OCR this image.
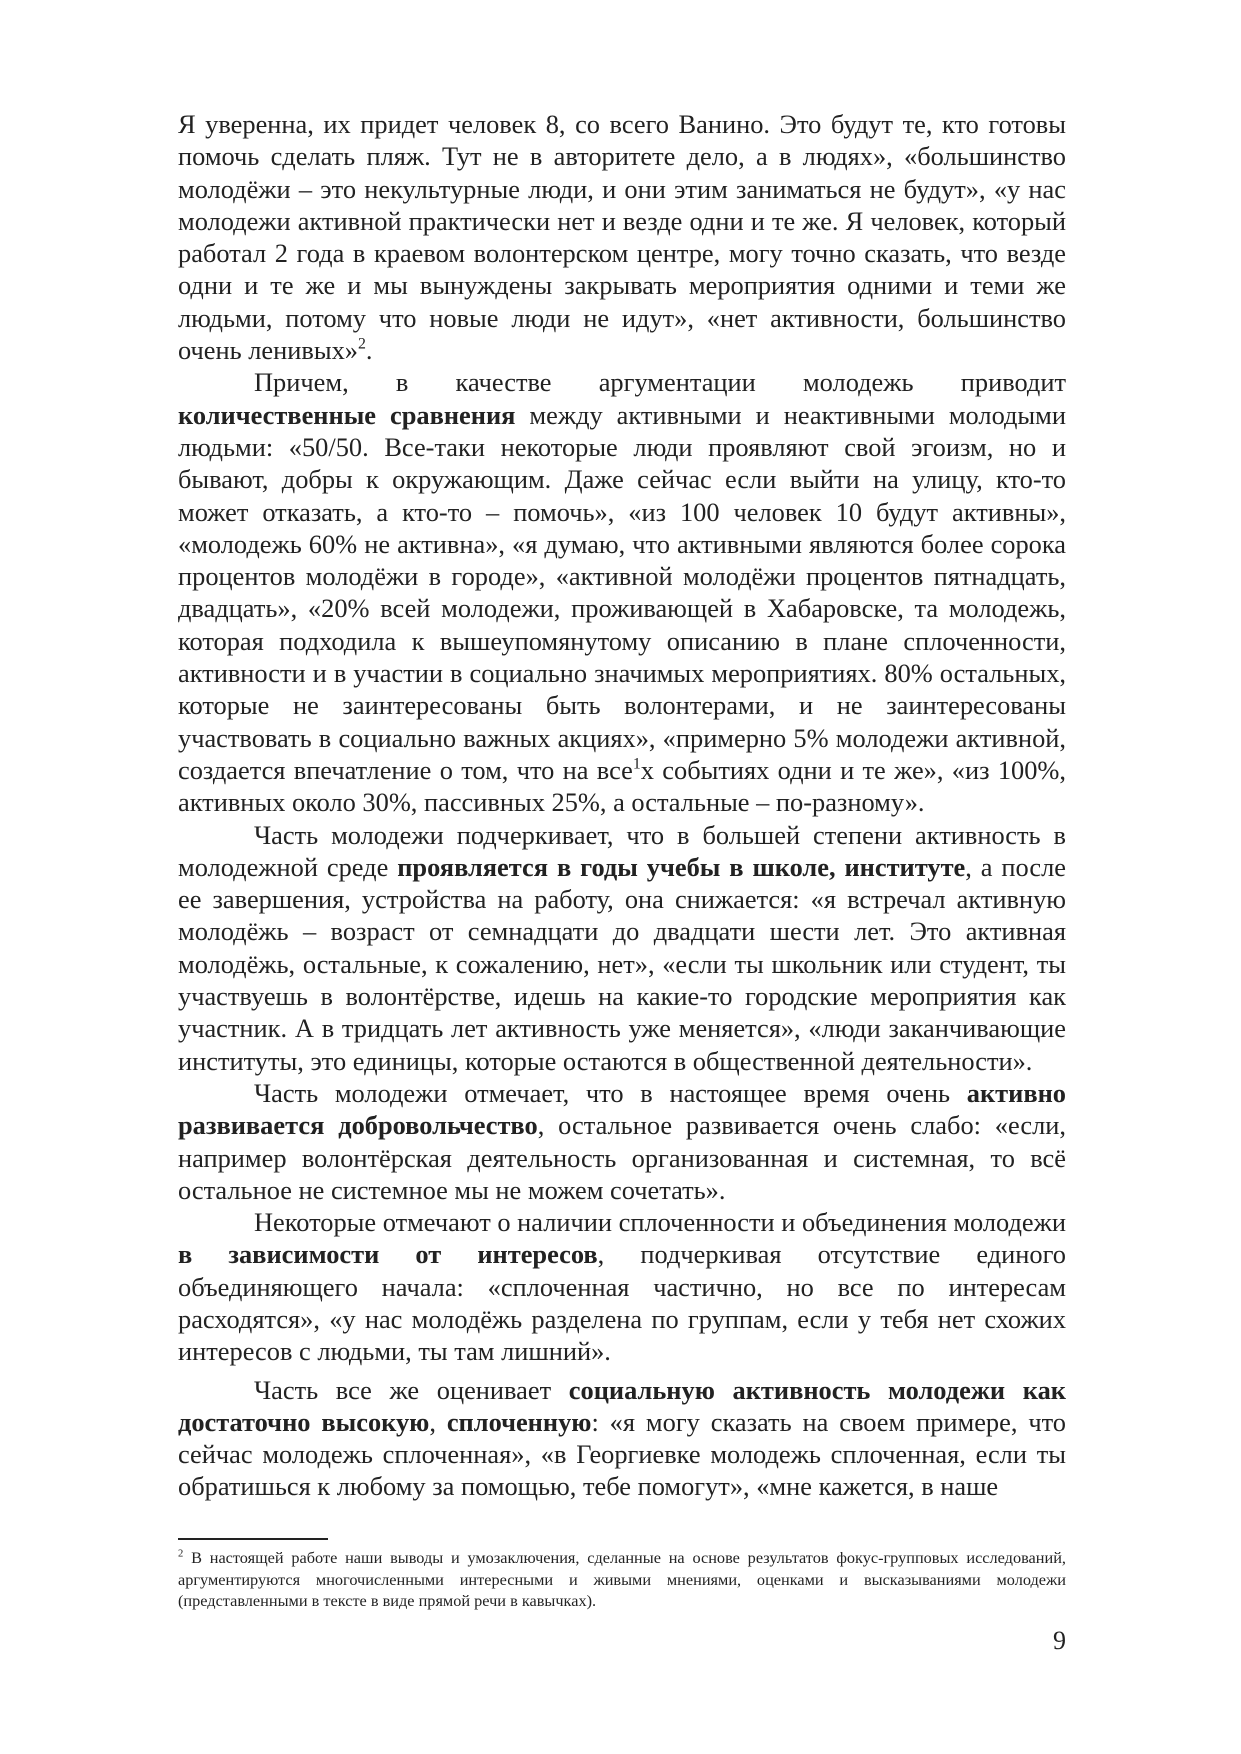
Я уверенна, их придет человек 8, со всего Ванино. Это будут те, кто готовы помочь сделать пляж. Тут не в авторитете дело, а в людях», «большинство молодёжи – это некультурные люди, и они этим заниматься не будут», «у нас молодежи активной практически нет и везде одни и те же. Я человек, который работал 2 года в краевом волонтерском центре, могу точно сказать, что везде одни и те же и мы вынуждены закрывать мероприятия одними и теми же людьми, потому что новые люди не идут», «нет активности, большинство очень ленивых»$^2$.

Причем, в качестве аргументации молодежь приводит количественные сравнения между активными и неактивными молодыми людьми: «50/50. Все-таки некоторые люди проявляют свой эгоизм, но и бывают, добры к окружающим. Даже сейчас если выйти на улицу, кто-то может отказать, а кто-то – помочь», «из 100 человек 10 будут активны», «молодежь 60% не активна», «я думаю, что активными являются более сорока процентов молодёжи в городе», «активной молодёжи процентов пятнадцать, двадцать», «20% всей молодежи, проживающей в Хабаровске, та молодежь, которая подходила к вышеупомянутому описанию в плане сплоченности, активности и в участии в социально значимых мероприятиях. 80% остальных, которые не заинтересованы быть волонтерами, и не заинтересованы участвовать в социально важных акциях», «примерно 5% молодежи активной, создается впечатление о том, что на все$^1$х событиях одни и те же», «из 100%, активных около 30%, пассивных 25%, а остальные – по-разному».

Часть молодежи подчеркивает, что в большей степени активность в молодежной среде проявляется в годы учебы в школе, институте, а после ее завершения, устройства на работу, она снижается: «я встречал активную молодёжь – возраст от семнадцати до двадцати шести лет. Это активная молодёжь, остальные, к сожалению, нет», «если ты школьник или студент, ты участвуешь в волонтёрстве, идешь на какие-то городские мероприятия как участник. А в тридцать лет активность уже меняется», «люди заканчивающие институты, это единицы, которые остаются в общественной деятельности».

Часть молодежи отмечает, что в настоящее время очень активно развивается добровольчество, остальное развивается очень слабо: «если, например волонтёрская деятельность организованная и системная, то всё остальное не системное мы не можем сочетать».

Некоторые отмечают о наличии сплоченности и объединения молодежи в зависимости от интересов, подчеркивая отсутствие единого объединяющего начала: «сплоченная частично, но все по интересам расходятся», «у нас молодёжь разделена по группам, если у тебя нет схожих интересов с людьми, ты там лишний».

Часть все же оценивает социальную активность молодежи как достаточно высокую, сплоченную: «я могу сказать на своем примере, что сейчас молодежь сплоченная», «в Георгиевке молодежь сплоченная, если ты обратишься к любому за помощью, тебе помогут», «мне кажется, в наше

$^2$ В настоящей работе наши выводы и умозаключения, сделанные на основе результатов фокус-групповых исследований, аргументируются многочисленными интересными и живыми мнениями, оценками и высказываниями молодежи (представленными в тексте в виде прямой речи в кавычках).

9
